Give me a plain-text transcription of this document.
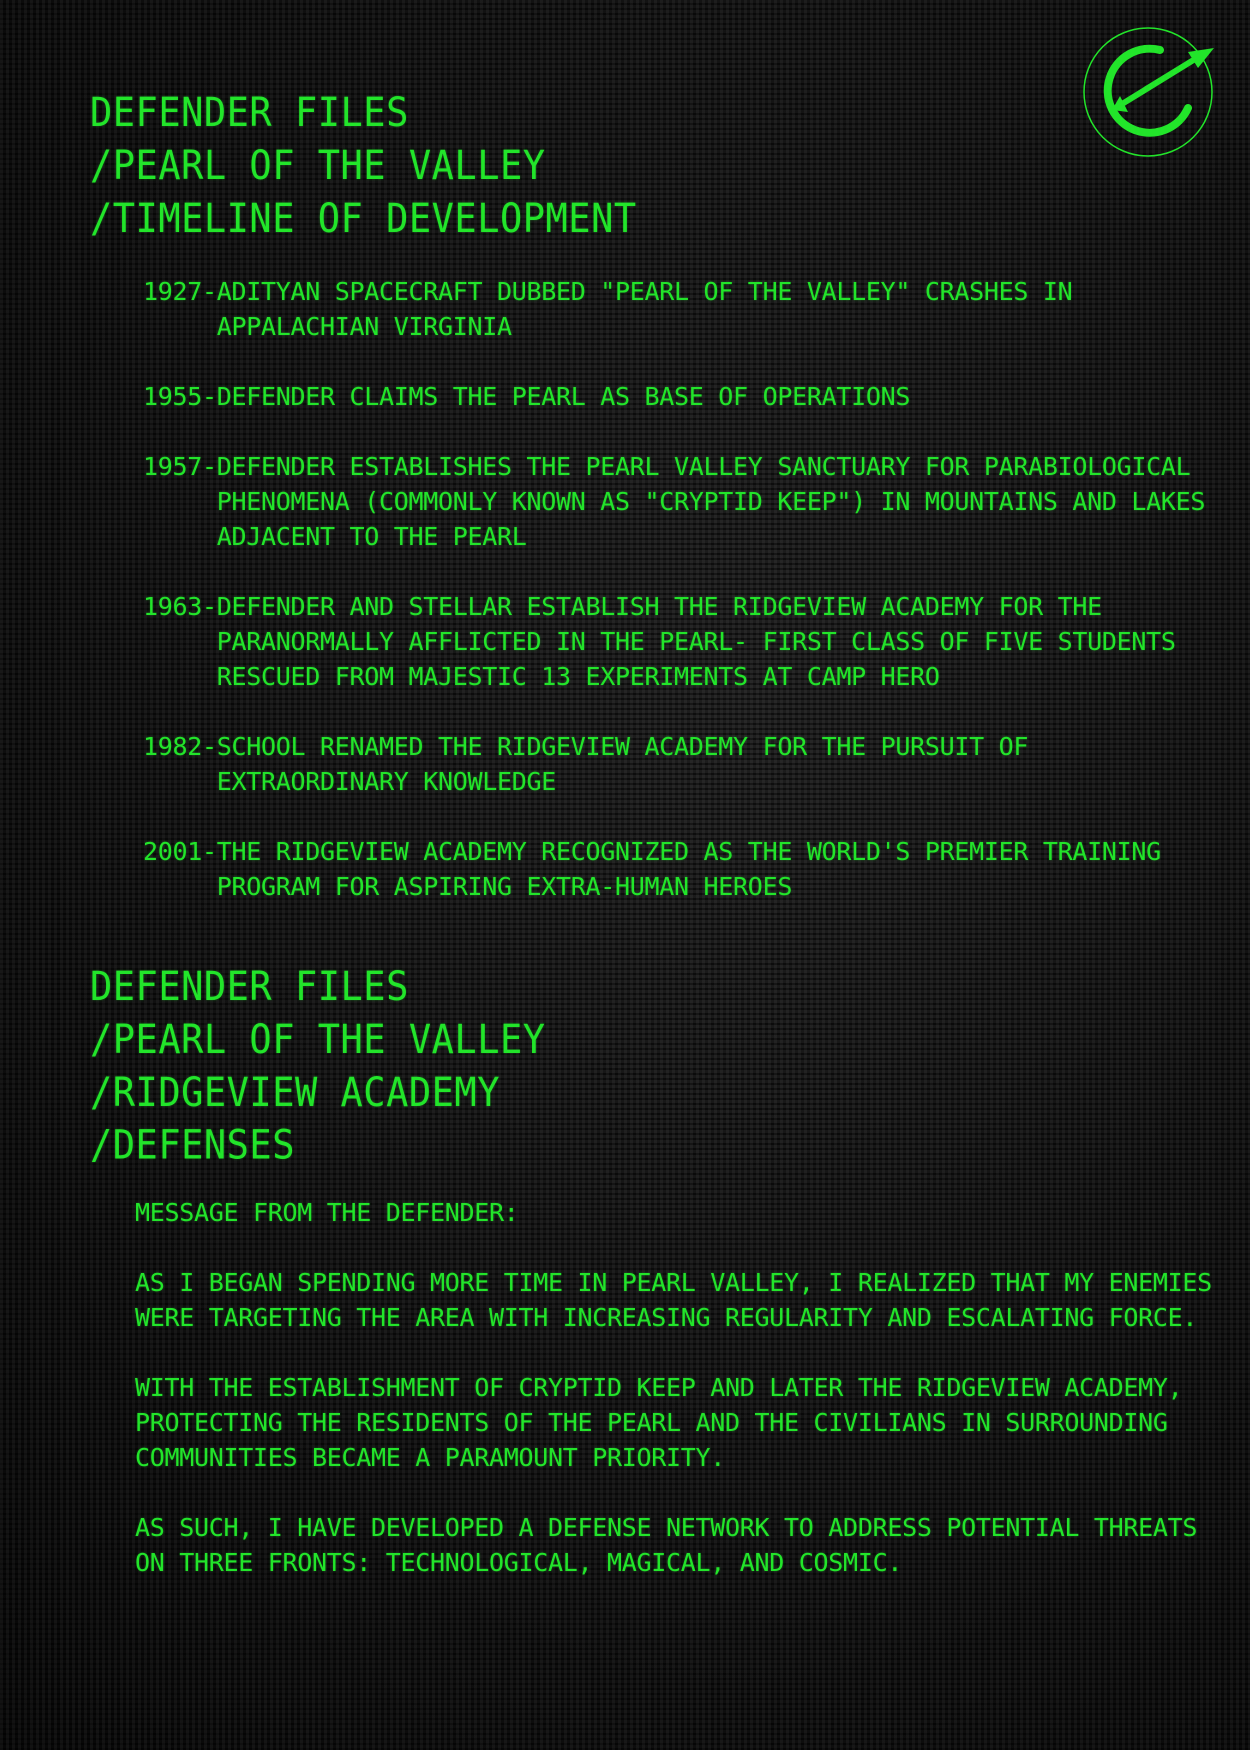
DEFENDER FILES
/PEARL OF THE VALLEY
/TIMELINE OF DEVELOPMENT
1927- ADITYAN SPACECRAFT DUBBED "PEARL OF THE VALLEY" CRASHES IN APPALACHIAN VIRGINIA
1955- DEFENDER CLAIMS THE PEARL AS BASE OF OPERATIONS
1957- DEFENDER ESTABLISHES THE PEARL VALLEY SANCTUARY FOR PARABIOLOGICAL PHENOMENA (COMMONLY KNOWN AS "CRYPTID KEEP") IN MOUNTAINS AND LAKES ADJACENT TO THE PEARL
1963- DEFENDER AND STELLAR ESTABLISH THE RIDGEVIEW ACADEMY FOR THE PARANORMALLY AFFLICTED IN THE PEARL- FIRST CLASS OF FIVE STUDENTS RESCUED FROM MAJESTIC 13 EXPERIMENTS AT CAMP HERO
1982- SCHOOL RENAMED THE RIDGEVIEW ACADEMY FOR THE PURSUIT OF EXTRAORDINARY KNOWLEDGE
2001- THE RIDGEVIEW ACADEMY RECOGNIZED AS THE WORLD'S PREMIER TRAINING PROGRAM FOR ASPIRING EXTRA-HUMAN HEROES
DEFENDER FILES
/PEARL OF THE VALLEY
/RIDGEVIEW ACADEMY
/DEFENSES

MESSAGE FROM THE DEFENDER:

AS I BEGAN SPENDING MORE TIME IN PEARL VALLEY, I REALIZED THAT MY ENEMIES WERE TARGETING THE AREA WITH INCREASING REGULARITY AND ESCALATING FORCE.

WITH THE ESTABLISHMENT OF CRYPTID KEEP AND LATER THE RIDGEVIEW ACADEMY, PROTECTING THE RESIDENTS OF THE PEARL AND THE CIVILIANS IN SURROUNDING COMMUNITIES BECAME A PARAMOUNT PRIORITY.

AS SUCH, I HAVE DEVELOPED A DEFENSE NETWORK TO ADDRESS POTENTIAL THREATS ON THREE FRONTS: TECHNOLOGICAL, MAGICAL, AND COSMIC.
